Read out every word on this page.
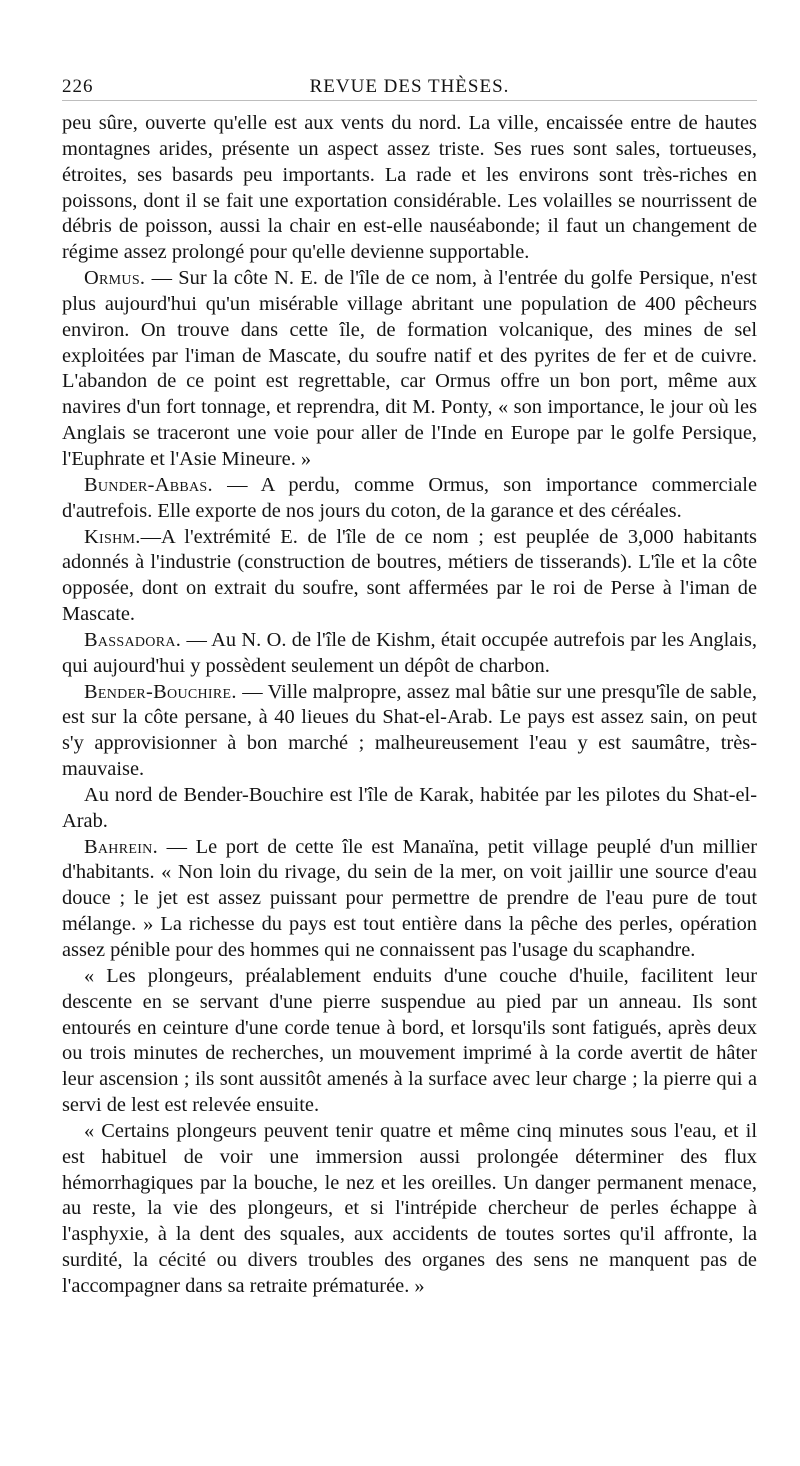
226	REVUE DES THÈSES.

peu sûre, ouverte qu'elle est aux vents du nord. La ville, encaissée entre de hautes montagnes arides, présente un aspect assez triste. Ses rues sont sales, tortueuses, étroites, ses basards peu importants. La rade et les environs sont très-riches en poissons, dont il se fait une exportation considérable. Les volailles se nourrissent de débris de poisson, aussi la chair en est-elle nauséabonde; il faut un changement de régime assez prolongé pour qu'elle devienne supportable.

Ormus. — Sur la côte N. E. de l'île de ce nom, à l'entrée du golfe Persique, n'est plus aujourd'hui qu'un misérable village abritant une population de 400 pêcheurs environ. On trouve dans cette île, de formation volcanique, des mines de sel exploitées par l'iman de Mascate, du soufre natif et des pyrites de fer et de cuivre. L'abandon de ce point est regrettable, car Ormus offre un bon port, même aux navires d'un fort tonnage, et reprendra, dit M. Ponty, « son importance, le jour où les Anglais se traceront une voie pour aller de l'Inde en Europe par le golfe Persique, l'Euphrate et l'Asie Mineure. »

Bunder-Abbas. — A perdu, comme Ormus, son importance commerciale d'autrefois. Elle exporte de nos jours du coton, de la garance et des céréales.

Kishm.—A l'extrémité E. de l'île de ce nom ; est peuplée de 3,000 habitants adonnés à l'industrie (construction de boutres, métiers de tisserands). L'île et la côte opposée, dont on extrait du soufre, sont affermées par le roi de Perse à l'iman de Mascate.

Bassadora. — Au N. O. de l'île de Kishm, était occupée autrefois par les Anglais, qui aujourd'hui y possèdent seulement un dépôt de charbon.

Bender-Bouchire. — Ville malpropre, assez mal bâtie sur une presqu'île de sable, est sur la côte persane, à 40 lieues du Shat-el-Arab. Le pays est assez sain, on peut s'y approvisionner à bon marché ; malheureusement l'eau y est saumâtre, très-mauvaise.

Au nord de Bender-Bouchire est l'île de Karak, habitée par les pilotes du Shat-el-Arab.

Bahrein. — Le port de cette île est Manaïna, petit village peuplé d'un millier d'habitants. « Non loin du rivage, du sein de la mer, on voit jaillir une source d'eau douce ; le jet est assez puissant pour permettre de prendre de l'eau pure de tout mélange. » La richesse du pays est tout entière dans la pêche des perles, opération assez pénible pour des hommes qui ne connaissent pas l'usage du scaphandre.

« Les plongeurs, préalablement enduits d'une couche d'huile, facilitent leur descente en se servant d'une pierre suspendue au pied par un anneau. Ils sont entourés en ceinture d'une corde tenue à bord, et lorsqu'ils sont fatigués, après deux ou trois minutes de recherches, un mouvement imprimé à la corde avertit de hâter leur ascension ; ils sont aussitôt amenés à la surface avec leur charge ; la pierre qui a servi de lest est relevée ensuite.

« Certains plongeurs peuvent tenir quatre et même cinq minutes sous l'eau, et il est habituel de voir une immersion aussi prolongée déterminer des flux hémorrhagiques par la bouche, le nez et les oreilles. Un danger permanent menace, au reste, la vie des plongeurs, et si l'intrépide chercheur de perles échappe à l'asphyxie, à la dent des squales, aux accidents de toutes sortes qu'il affronte, la surdité, la cécité ou divers troubles des organes des sens ne manquent pas de l'accompagner dans sa retraite prématurée. »
